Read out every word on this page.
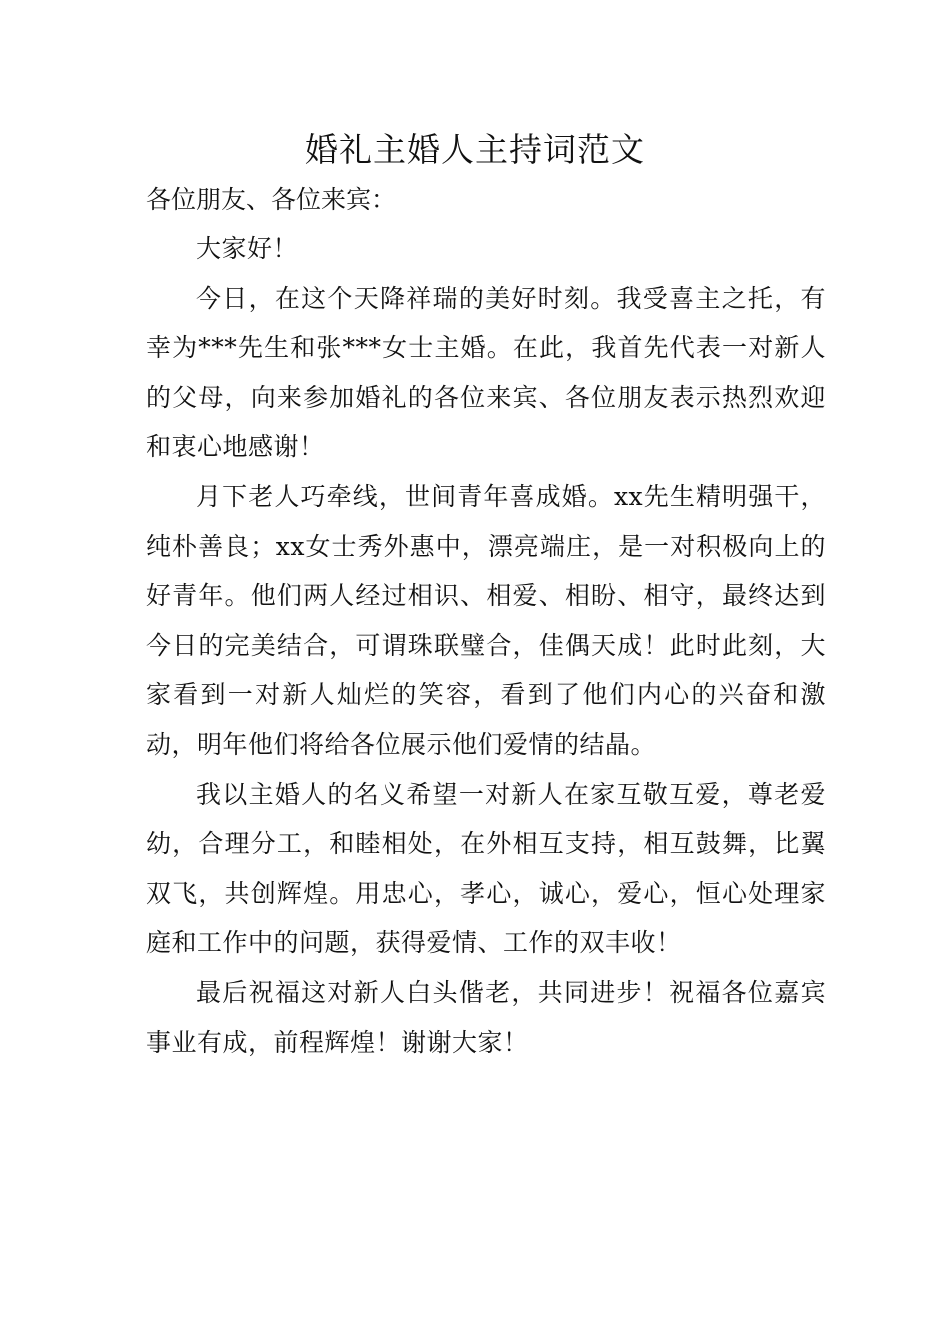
婚礼主婚人主持词范文

各位朋友、各位来宾：

大家好！

今日，在这个天降祥瑞的美好时刻。我受喜主之托，有幸为***先生和张***女士主婚。在此，我首先代表一对新人的父母，向来参加婚礼的各位来宾、各位朋友表示热烈欢迎和衷心地感谢！

月下老人巧牵线，世间青年喜成婚。xx先生精明强干，纯朴善良；xx女士秀外惠中，漂亮端庄，是一对积极向上的好青年。他们两人经过相识、相爱、相盼、相守，最终达到今日的完美结合，可谓珠联璧合，佳偶天成！此时此刻，大家看到一对新人灿烂的笑容，看到了他们内心的兴奋和激动，明年他们将给各位展示他们爱情的结晶。

我以主婚人的名义希望一对新人在家互敬互爱，尊老爱幼，合理分工，和睦相处，在外相互支持，相互鼓舞，比翼双飞，共创辉煌。用忠心，孝心，诚心，爱心，恒心处理家庭和工作中的问题，获得爱情、工作的双丰收！

最后祝福这对新人白头偕老，共同进步！祝福各位嘉宾事业有成，前程辉煌！谢谢大家！
